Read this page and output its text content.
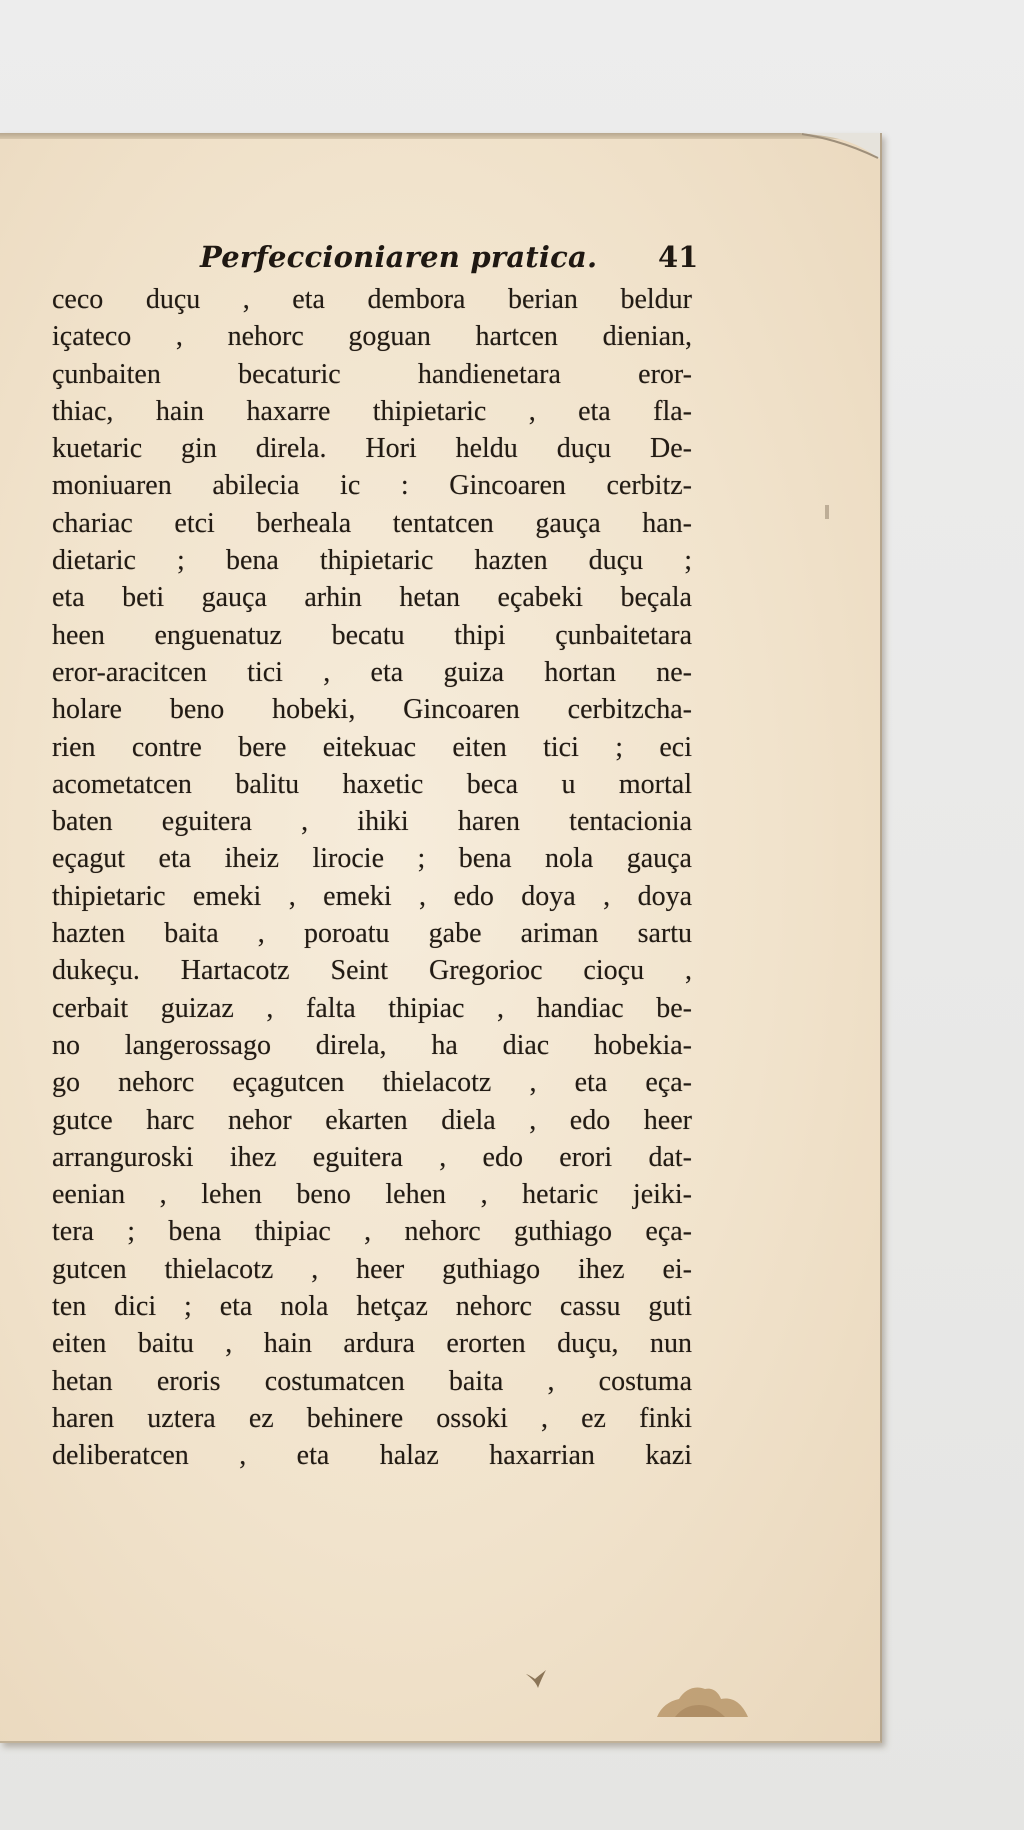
Perfeccioniaren pratica. 41
ceco duçu , eta dembora berian beldur
içateco , nehorc goguan hartcen dienian,
çunbaiten becaturic handienetara eror-
thiac, hain haxarre thipietaric , eta fla-
kuetaric gin direla. Hori heldu duçu De-
moniuaren abilecia ic : Gincoaren cerbitz-
chariac etci berheala tentatcen gauça han-
dietaric ; bena thipietaric hazten duçu ;
eta beti gauça arhin hetan eçabeki beçala
heen enguenatuz becatu thipi çunbaitetara
eror-aracitcen tici , eta guiza hortan ne-
holare beno hobeki, Gincoaren cerbitzcha-
rien contre bere eitekuac eiten tici ; eci
acometatcen balitu haxetic beca u mortal
baten eguitera , ihiki haren tentacionia
eçagut eta iheiz lirocie ; bena nola gauça
thipietaric emeki , emeki , edo doya , doya
hazten baita , poroatu gabe ariman sartu
dukeçu. Hartacotz Seint Gregorioc cioçu ,
cerbait guizaz , falta thipiac , handiac be-
no langerossago direla, ha diac hobekia-
go nehorc eçagutcen thielacotz , eta eça-
gutce harc nehor ekarten diela , edo heer
arranguroski ihez eguitera , edo erori dat-
eenian , lehen beno lehen , hetaric jeiki-
tera ; bena thipiac , nehorc guthiago eça-
gutcen thielacotz , heer guthiago ihez ei-
ten dici ; eta nola hetçaz nehorc cassu guti
eiten baitu , hain ardura erorten duçu, nun
hetan eroris costumatcen baita , costuma
haren uztera ez behinere ossoki , ez finki
deliberatcen , eta halaz haxarrian kazi
